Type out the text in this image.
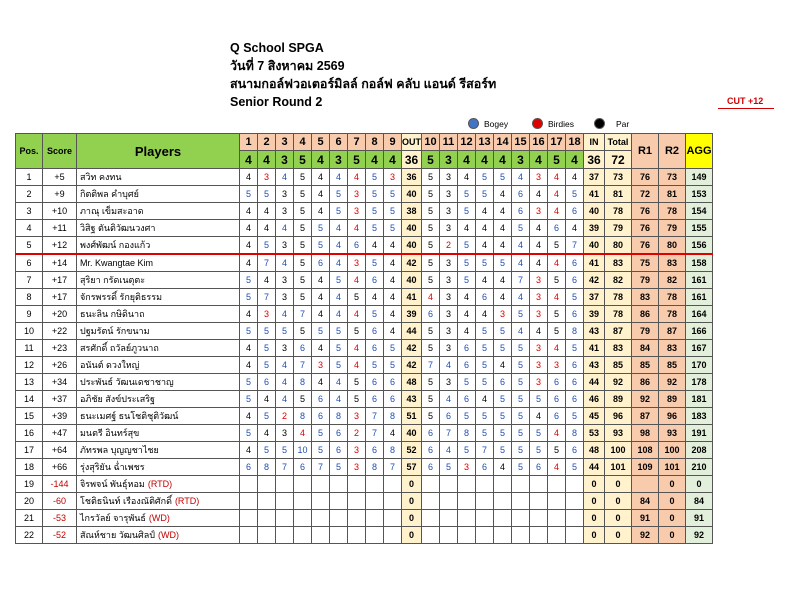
Q School SPGA
วันที่ 7 สิงหาคม 2569
สนามกอล์ฟวอเตอร์มิลล์ กอล์ฟ คลับ แอนด์ รีสอร์ท
Senior Round 2	CUT +12
Bogey	Birdies	Par
Pos.	Score	Players	1	2	3	4	5	6	7	8	9	OUT	10	11	12	13	14	15	16	17	18	IN	Total	R1	R2	AGG
			4	4	3	5	4	3	5	4	4	36	5	3	4	4	4	3	4	5	4	36	72			
1	+5	สวิท คงทน	4	3	4	5	4	4	4	5	3	36	5	3	4	5	5	4	3	4	4	37	73	76	73	149
2	+9	กิตติพล คำบุศย์	5	5	3	5	4	5	3	5	5	40	5	3	5	5	4	6	4	4	5	41	81	72	81	153
3	+10	ภาณุ เข็มสะอาด	4	4	3	5	4	5	3	5	5	38	5	3	5	4	4	6	3	4	6	40	78	76	78	154
4	+11	วิสิฐ ตันติวัฒนวงศา	4	4	4	5	5	4	4	5	5	40	5	3	4	4	4	5	4	6	4	39	79	76	79	155
5	+12	พงศ์พัฒน์ กองแก้ว	4	5	3	5	5	4	6	4	4	40	5	2	5	4	4	4	4	5	7	40	80	76	80	156
6	+14	Mr. Kwangtae Kim	4	7	4	5	6	4	3	5	4	42	5	3	5	5	5	4	4	4	6	41	83	75	83	158
7	+17	สุริยา กรัดเนตุตะ	5	4	3	5	4	5	4	6	4	40	5	3	5	4	4	7	3	5	6	42	82	79	82	161
8	+17	จักรพรรดิ์ รักยุติธรรม	5	7	3	5	4	4	5	4	4	41	4	3	4	6	4	4	3	4	5	37	78	83	78	161
9	+20	ธนะลิน กษิดินาถ	4	3	4	7	4	4	4	5	4	39	6	3	4	4	3	5	3	5	6	39	78	86	78	164
10	+22	ปฐมรัตน์ รักขนาม	5	5	5	5	5	5	5	6	4	44	5	3	4	5	5	4	4	5	8	43	87	79	87	166
11	+23	สรศักดิ์ ถวัลย์ภูวนาถ	4	5	3	6	4	5	4	6	5	42	5	3	6	5	5	5	3	4	5	41	83	84	83	167
12	+26	อนันต์ ดวงใหญ่	4	5	4	7	3	5	4	5	5	42	7	4	6	5	4	5	3	3	6	43	85	85	85	170
13	+34	ประพันธ์ วัฒนเดชาชาญ	5	6	4	8	4	4	5	6	6	48	5	3	5	5	6	5	3	6	6	44	92	86	92	178
14	+37	อภิชัย สังข์ประเสริฐ	5	4	4	5	6	4	5	6	6	43	5	4	6	4	5	5	5	6	6	46	89	92	89	181
15	+39	ธนะเมศฐ์ ธนโชติชุติวัฒน์	4	5	2	8	6	8	3	7	8	51	5	6	5	5	5	5	4	6	5	45	96	87	96	183
16	+47	มนตรี อินทร์สุข	5	4	3	4	5	6	2	7	4	40	6	7	8	5	5	5	5	4	8	53	93	98	93	191
17	+64	ภัทรพล บุญญชาไชย	4	5	5	10	5	6	3	6	8	52	6	4	5	7	5	5	5	5	6	48	100	108	100	208
18	+66	รุ่งสุริยัน ฉ่ำเพชร	6	8	7	6	7	5	3	8	7	57	6	5	3	6	4	5	6	4	5	44	101	109	101	210
19	-144	จิรพจน์ พันธุ์หอม (RTD)										0										0	0		0	0
20	-60	โชติธนินท์ เรืองณัติศักดิ์ (RTD)										0										0	0	84	0	84
21	-53	ไกรวัลย์ จารุพันธ์ (WD)										0										0	0	91	0	91
22	-52	สัณห์ชาย วัฒนศิลป์ (WD)										0										0	0	92	0	92
